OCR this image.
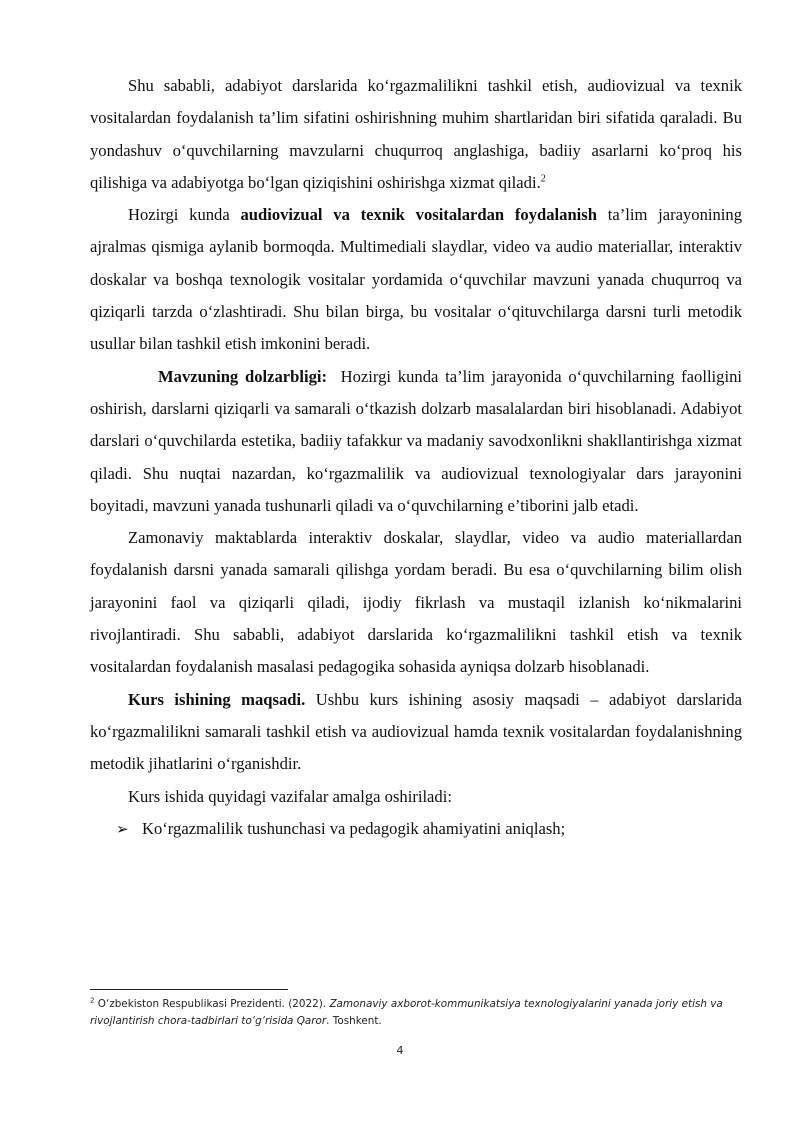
Shu sababli, adabiyot darslarida ko‘rgazmalilikni tashkil etish, audiovizual va texnik vositalardan foydalanish ta’lim sifatini oshirishning muhim shartlaridan biri sifatida qaraladi. Bu yondashuv o‘quvchilarning mavzularni chuqurroq anglashiga, badiiy asarlarni ko‘proq his qilishiga va adabiyotga bo‘lgan qiziqishini oshirishga xizmat qiladi.$^2$

Hozirgi kunda audiovizual va texnik vositalardan foydalanish ta’lim jarayonining ajralmas qismiga aylanib bormoqda. Multimediali slaydlar, video va audio materiallar, interaktiv doskalar va boshqa texnologik vositalar yordamida o‘quvchilar mavzuni yanada chuqurroq va qiziqarli tarzda o‘zlashtiradi. Shu bilan birga, bu vositalar o‘qituvchilarga darsni turli metodik usullar bilan tashkil etish imkonini beradi.

Mavzuning dolzarbligi: Hozirgi kunda ta’lim jarayonida o‘quvchilarning faolligini oshirish, darslarni qiziqarli va samarali o‘tkazish dolzarb masalalardan biri hisoblanadi. Adabiyot darslari o‘quvchilarda estetika, badiiy tafakkur va madaniy savodxonlikni shakllantirishga xizmat qiladi. Shu nuqtai nazardan, ko‘rgazmalilik va audiovizual texnologiyalar dars jarayonini boyitadi, mavzuni yanada tushunarli qiladi va o‘quvchilarning e’tiborini jalb etadi.

Zamonaviy maktablarda interaktiv doskalar, slaydlar, video va audio materiallardan foydalanish darsni yanada samarali qilishga yordam beradi. Bu esa o‘quvchilarning bilim olish jarayonini faol va qiziqarli qiladi, ijodiy fikrlash va mustaqil izlanish ko‘nikmalarini rivojlantiradi. Shu sababli, adabiyot darslarida ko‘rgazmalilikni tashkil etish va texnik vositalardan foydalanish masalasi pedagogika sohasida ayniqsa dolzarb hisoblanadi.

Kurs ishining maqsadi. Ushbu kurs ishining asosiy maqsadi – adabiyot darslarida ko‘rgazmalilikni samarali tashkil etish va audiovizual hamda texnik vositalardan foydalanishning metodik jihatlarini o‘rganishdir.

Kurs ishida quyidagi vazifalar amalga oshiriladi:

➢ Ko‘rgazmalilik tushunchasi va pedagogik ahamiyatini aniqlash;
$^2$ O‘zbekiston Respublikasi Prezidenti. (2022). Zamonaviy axborot-kommunikatsiya texnologiyalarini yanada joriy etish va rivojlantirish chora-tadbirlari to‘g‘risida Qaror. Toshkent.
4
